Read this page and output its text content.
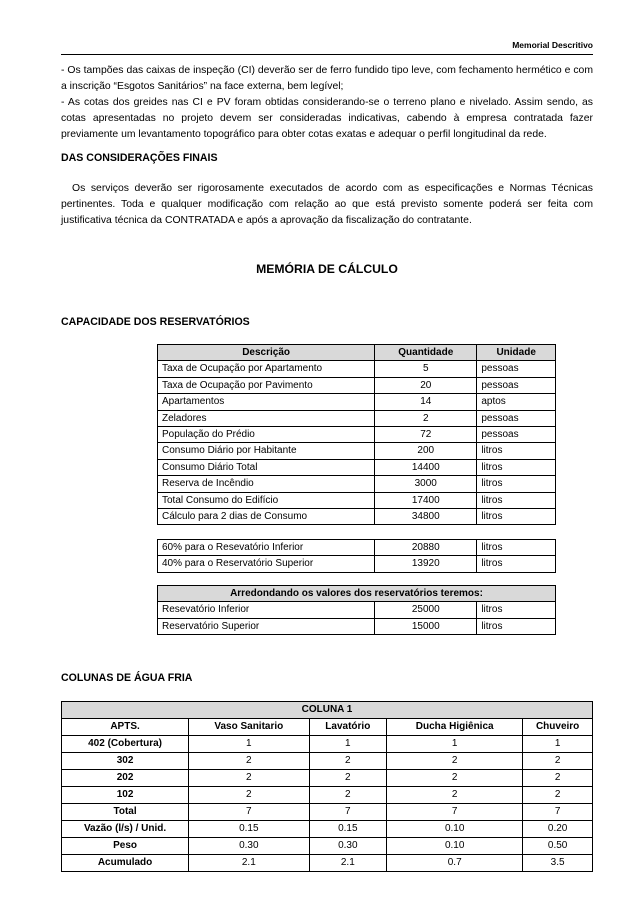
Memorial Descritivo

- Os tampões das caixas de inspeção (CI) deverão ser de ferro fundido tipo leve, com fechamento hermético e com a inscrição “Esgotos Sanitários” na face externa, bem legível;

- As cotas dos greides nas CI e PV foram obtidas considerando-se o terreno plano e nivelado. Assim sendo, as cotas apresentadas no projeto devem ser consideradas indicativas, cabendo à empresa contratada fazer previamente um levantamento topográfico para obter cotas exatas e adequar o perfil longitudinal da rede.

DAS CONSIDERAÇÕES FINAIS

Os serviços deverão ser rigorosamente executados de acordo com as especificações e Normas Técnicas pertinentes. Toda e qualquer modificação com relação ao que está previsto somente poderá ser feita com justificativa técnica da CONTRATADA e após a aprovação da fiscalização do contratante.

MEMÓRIA DE CÁLCULO

CAPACIDADE DOS RESERVATÓRIOS

Descrição	Quantidade	Unidade
Taxa de Ocupação por Apartamento	5	pessoas
Taxa de Ocupação por Pavimento	20	pessoas
Apartamentos	14	aptos
Zeladores	2	pessoas
População do Prédio	72	pessoas
Consumo Diário por Habitante	200	litros
Consumo Diário Total	14400	litros
Reserva de Incêndio	3000	litros
Total Consumo do Edifício	17400	litros
Cálculo para 2 dias de Consumo	34800	litros
60% para o Resevatório Inferior	20880	litros
40% para o Reservatório Superior	13920	litros
Arredondando os valores dos reservatórios teremos:		
Resevatório Inferior	25000	litros
Reservatório Superior	15000	litros

COLUNAS DE ÁGUA FRIA

COLUNA 1				
APTS.	Vaso Sanitario	Lavatório	Ducha Higiênica	Chuveiro
402 (Cobertura)	1	1	1	1
302	2	2	2	2
202	2	2	2	2
102	2	2	2	2
Total	7	7	7	7
Vazão (l/s) / Unid.	0.15	0.15	0.10	0.20
Peso	0.30	0.30	0.10	0.50
Acumulado	2.1	2.1	0.7	3.5
